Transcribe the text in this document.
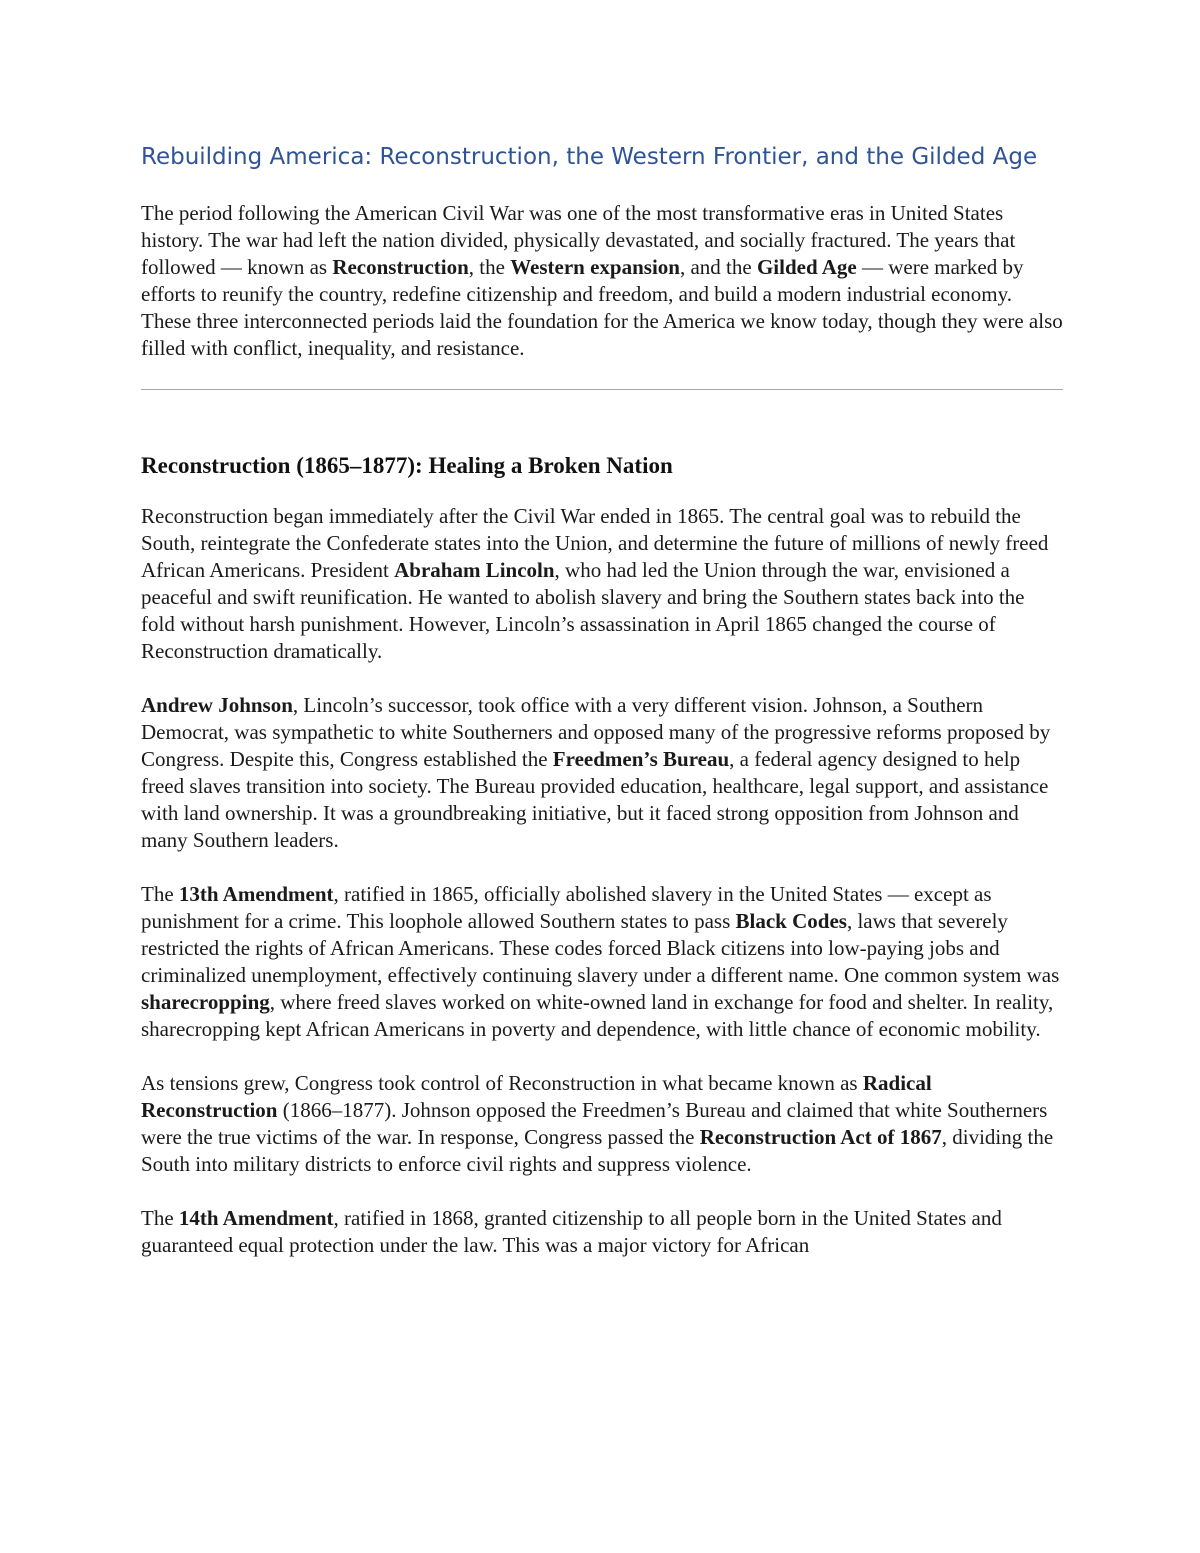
Rebuilding America: Reconstruction, the Western Frontier, and the Gilded Age

The period following the American Civil War was one of the most transformative eras in United States history. The war had left the nation divided, physically devastated, and socially fractured. The years that followed — known as Reconstruction, the Western expansion, and the Gilded Age — were marked by efforts to reunify the country, redefine citizenship and freedom, and build a modern industrial economy. These three interconnected periods laid the foundation for the America we know today, though they were also filled with conflict, inequality, and resistance.

Reconstruction (1865–1877): Healing a Broken Nation

Reconstruction began immediately after the Civil War ended in 1865. The central goal was to rebuild the South, reintegrate the Confederate states into the Union, and determine the future of millions of newly freed African Americans. President Abraham Lincoln, who had led the Union through the war, envisioned a peaceful and swift reunification. He wanted to abolish slavery and bring the Southern states back into the fold without harsh punishment. However, Lincoln’s assassination in April 1865 changed the course of Reconstruction dramatically.

Andrew Johnson, Lincoln’s successor, took office with a very different vision. Johnson, a Southern Democrat, was sympathetic to white Southerners and opposed many of the progressive reforms proposed by Congress. Despite this, Congress established the Freedmen’s Bureau, a federal agency designed to help freed slaves transition into society. The Bureau provided education, healthcare, legal support, and assistance with land ownership. It was a groundbreaking initiative, but it faced strong opposition from Johnson and many Southern leaders.

The 13th Amendment, ratified in 1865, officially abolished slavery in the United States — except as punishment for a crime. This loophole allowed Southern states to pass Black Codes, laws that severely restricted the rights of African Americans. These codes forced Black citizens into low-paying jobs and criminalized unemployment, effectively continuing slavery under a different name. One common system was sharecropping, where freed slaves worked on white-owned land in exchange for food and shelter. In reality, sharecropping kept African Americans in poverty and dependence, with little chance of economic mobility.

As tensions grew, Congress took control of Reconstruction in what became known as Radical Reconstruction (1866–1877). Johnson opposed the Freedmen’s Bureau and claimed that white Southerners were the true victims of the war. In response, Congress passed the Reconstruction Act of 1867, dividing the South into military districts to enforce civil rights and suppress violence.

The 14th Amendment, ratified in 1868, granted citizenship to all people born in the United States and guaranteed equal protection under the law. This was a major victory for African
